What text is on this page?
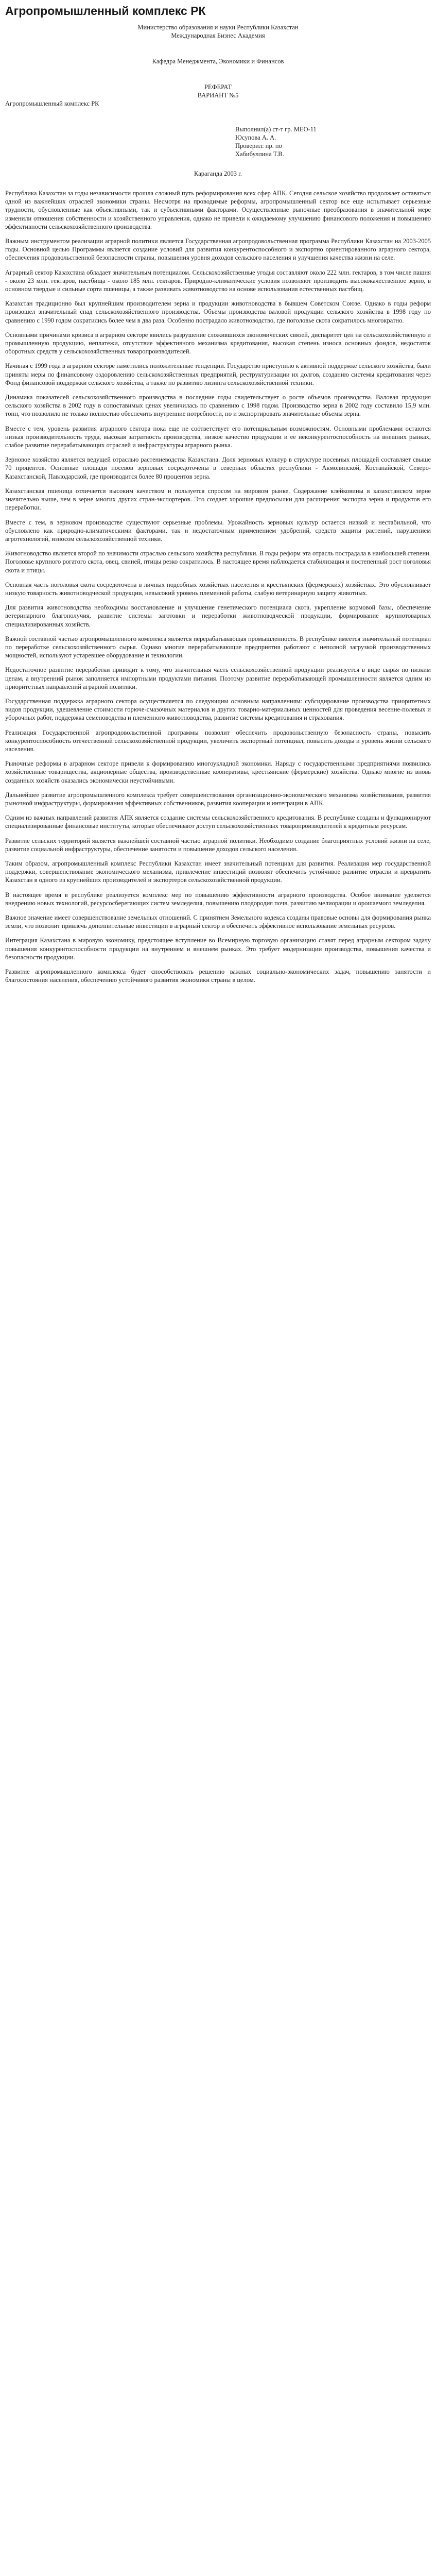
Агропромышленный комплекс РК

Министерство образования и науки Республики Казахстан

Международная Бизнес Академия

Кафедра Менеджмента, Экономики и Финансов

РЕФЕРАТ

ВАРИАНТ №5

Агропромышленный комплекс РК

Выполнил(а) ст-т гр. МЕО-11
Юсупова А. А.
Проверил: пр. по
Хабибуллина Т.В.

Караганда 2003 г.

Республика Казахстан за годы независимости прошла сложный путь реформирования всех сфер АПК. Сегодня сельское хозяйство продолжает оставаться одной из важнейших отраслей экономики страны. Несмотря на проводимые реформы, агропромышленный сектор все еще испытывает серьезные трудности, обусловленные как объективными, так и субъективными факторами. Осуществленные рыночные преобразования в значительной мере изменили отношения собственности и хозяйственного управления, однако не привели к ожидаемому улучшению финансового положения и повышению эффективности сельскохозяйственного производства.

Важным инструментом реализации аграрной политики является Государственная агропродовольственная программа Республики Казахстан на 2003-2005 годы. Основной целью Программы является создание условий для развития конкурентоспособного и экспортно ориентированного аграрного сектора, обеспечения продовольственной безопасности страны, повышения уровня доходов сельского населения и улучшения качества жизни на селе.

Аграрный сектор Казахстана обладает значительным потенциалом. Сельскохозяйственные угодья составляют около 222 млн. гектаров, в том числе пашня - около 23 млн. гектаров, пастбища - около 185 млн. гектаров. Природно-климатические условия позволяют производить высококачественное зерно, в основном твердые и сильные сорта пшеницы, а также развивать животноводство на основе использования естественных пастбищ.

Казахстан традиционно был крупнейшим производителем зерна и продукции животноводства в бывшем Советском Союзе. Однако в годы реформ произошел значительный спад сельскохозяйственного производства. Объемы производства валовой продукции сельского хозяйства в 1998 году по сравнению с 1990 годом сократились более чем в два раза. Особенно пострадало животноводство, где поголовье скота сократилось многократно.

Основными причинами кризиса в аграрном секторе явились разрушение сложившихся экономических связей, диспаритет цен на сельскохозяйственную и промышленную продукцию, неплатежи, отсутствие эффективного механизма кредитования, высокая степень износа основных фондов, недостаток оборотных средств у сельскохозяйственных товаропроизводителей.

Начиная с 1999 года в аграрном секторе наметились положительные тенденции. Государство приступило к активной поддержке сельского хозяйства, были приняты меры по финансовому оздоровлению сельскохозяйственных предприятий, реструктуризации их долгов, созданию системы кредитования через Фонд финансовой поддержки сельского хозяйства, а также по развитию лизинга сельскохозяйственной техники.

Динамика показателей сельскохозяйственного производства в последние годы свидетельствует о росте объемов производства. Валовая продукция сельского хозяйства в 2002 году в сопоставимых ценах увеличилась по сравнению с 1998 годом. Производство зерна в 2002 году составило 15,9 млн. тонн, что позволило не только полностью обеспечить внутренние потребности, но и экспортировать значительные объемы зерна.

Вместе с тем, уровень развития аграрного сектора пока еще не соответствует его потенциальным возможностям. Основными проблемами остаются низкая производительность труда, высокая затратность производства, низкое качество продукции и ее неконкурентоспособность на внешних рынках, слабое развитие перерабатывающих отраслей и инфраструктуры аграрного рынка.

Зерновое хозяйство является ведущей отраслью растениеводства Казахстана. Доля зерновых культур в структуре посевных площадей составляет свыше 70 процентов. Основные площади посевов зерновых сосредоточены в северных областях республики - Акмолинской, Костанайской, Северо-Казахстанской, Павлодарской, где производится более 80 процентов зерна.

Казахстанская пшеница отличается высоким качеством и пользуется спросом на мировом рынке. Содержание клейковины в казахстанском зерне значительно выше, чем в зерне многих других стран-экспортеров. Это создает хорошие предпосылки для расширения экспорта зерна и продуктов его переработки.

Вместе с тем, в зерновом производстве существуют серьезные проблемы. Урожайность зерновых культур остается низкой и нестабильной, что обусловлено как природно-климатическими факторами, так и недостаточным применением удобрений, средств защиты растений, нарушением агротехнологий, износом сельскохозяйственной техники.

Животноводство является второй по значимости отраслью сельского хозяйства республики. В годы реформ эта отрасль пострадала в наибольшей степени. Поголовье крупного рогатого скота, овец, свиней, птицы резко сократилось. В настоящее время наблюдается стабилизация и постепенный рост поголовья скота и птицы.

Основная часть поголовья скота сосредоточена в личных подсобных хозяйствах населения и крестьянских (фермерских) хозяйствах. Это обусловливает низкую товарность животноводческой продукции, невысокий уровень племенной работы, слабую ветеринарную защиту животных.

Для развития животноводства необходимы восстановление и улучшение генетического потенциала скота, укрепление кормовой базы, обеспечение ветеринарного благополучия, развитие системы заготовки и переработки животноводческой продукции, формирование крупнотоварных специализированных хозяйств.

Важной составной частью агропромышленного комплекса является перерабатывающая промышленность. В республике имеется значительный потенциал по переработке сельскохозяйственного сырья. Однако многие перерабатывающие предприятия работают с неполной загрузкой производственных мощностей, используют устаревшее оборудование и технологии.

Недостаточное развитие переработки приводит к тому, что значительная часть сельскохозяйственной продукции реализуется в виде сырья по низким ценам, а внутренний рынок заполняется импортными продуктами питания. Поэтому развитие перерабатывающей промышленности является одним из приоритетных направлений аграрной политики.

Государственная поддержка аграрного сектора осуществляется по следующим основным направлениям: субсидирование производства приоритетных видов продукции, удешевление стоимости горюче-смазочных материалов и других товарно-материальных ценностей для проведения весенне-полевых и уборочных работ, поддержка семеноводства и племенного животноводства, развитие системы кредитования и страхования.

Реализация Государственной агропродовольственной программы позволит обеспечить продовольственную безопасность страны, повысить конкурентоспособность отечественной сельскохозяйственной продукции, увеличить экспортный потенциал, повысить доходы и уровень жизни сельского населения.

Рыночные реформы в аграрном секторе привели к формированию многоукладной экономики. Наряду с государственными предприятиями появились хозяйственные товарищества, акционерные общества, производственные кооперативы, крестьянские (фермерские) хозяйства. Однако многие из вновь созданных хозяйств оказались экономически неустойчивыми.

Дальнейшее развитие агропромышленного комплекса требует совершенствования организационно-экономического механизма хозяйствования, развития рыночной инфраструктуры, формирования эффективных собственников, развития кооперации и интеграции в АПК.

Одним из важных направлений развития АПК является создание системы сельскохозяйственного кредитования. В республике созданы и функционируют специализированные финансовые институты, которые обеспечивают доступ сельскохозяйственных товаропроизводителей к кредитным ресурсам.

Развитие сельских территорий является важнейшей составной частью аграрной политики. Необходимо создание благоприятных условий жизни на селе, развитие социальной инфраструктуры, обеспечение занятости и повышение доходов сельского населения.

Таким образом, агропромышленный комплекс Республики Казахстан имеет значительный потенциал для развития. Реализация мер государственной поддержки, совершенствование экономического механизма, привлечение инвестиций позволят обеспечить устойчивое развитие отрасли и превратить Казахстан в одного из крупнейших производителей и экспортеров сельскохозяйственной продукции.

В настоящее время в республике реализуется комплекс мер по повышению эффективности аграрного производства. Особое внимание уделяется внедрению новых технологий, ресурсосберегающих систем земледелия, повышению плодородия почв, развитию мелиорации и орошаемого земледелия.

Важное значение имеет совершенствование земельных отношений. С принятием Земельного кодекса созданы правовые основы для формирования рынка земли, что позволит привлечь дополнительные инвестиции в аграрный сектор и обеспечить эффективное использование земельных ресурсов.

Интеграция Казахстана в мировую экономику, предстоящее вступление во Всемирную торговую организацию ставят перед аграрным сектором задачу повышения конкурентоспособности продукции на внутреннем и внешнем рынках. Это требует модернизации производства, повышения качества и безопасности продукции.

Развитие агропромышленного комплекса будет способствовать решению важных социально-экономических задач, повышению занятости и благосостояния населения, обеспечению устойчивого развития экономики страны в целом.
